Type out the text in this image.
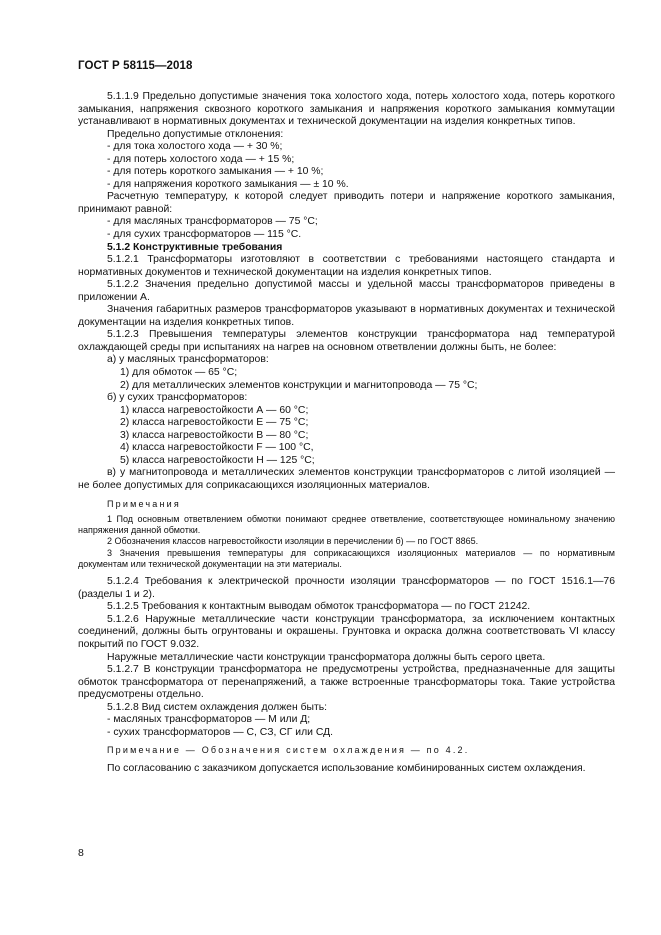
ГОСТ Р 58115—2018

5.1.1.9 Предельно допустимые значения тока холостого хода, потерь холостого хода, потерь короткого замыкания, напряжения сквозного короткого замыкания и напряжения короткого замыкания коммутации устанавливают в нормативных документах и технической документации на изделия конкретных типов.

Предельно допустимые отклонения:

- для тока холостого хода — + 30 %;

- для потерь холостого хода — + 15 %;

- для потерь короткого замыкания — + 10 %;

- для напряжения короткого замыкания — ± 10 %.

Расчетную температуру, к которой следует приводить потери и напряжение короткого замыкания, принимают равной:

- для масляных трансформаторов — 75 °С;

- для сухих трансформаторов — 115 °С.

5.1.2 Конструктивные требования

5.1.2.1 Трансформаторы изготовляют в соответствии с требованиями настоящего стандарта и нормативных документов и технической документации на изделия конкретных типов.

5.1.2.2 Значения предельно допустимой массы и удельной массы трансформаторов приведены в приложении А.

Значения габаритных размеров трансформаторов указывают в нормативных документах и технической документации на изделия конкретных типов.

5.1.2.3 Превышения температуры элементов конструкции трансформатора над температурой охлаждающей среды при испытаниях на нагрев на основном ответвлении должны быть, не более:

а) у масляных трансформаторов:

1) для обмоток — 65 °С;

2) для металлических элементов конструкции и магнитопровода — 75 °С;

б) у сухих трансформаторов:

1) класса нагревостойкости А — 60 °С;

2) класса нагревостойкости Е — 75 °С;

3) класса нагревостойкости В — 80 °С;

4) класса нагревостойкости F — 100 °С,

5) класса нагревостойкости Н — 125 °С;

в) у магнитопровода и металлических элементов конструкции трансформаторов с литой изоляцией — не более допустимых для соприкасающихся изоляционных материалов.

Примечания

1 Под основным ответвлением обмотки понимают среднее ответвление, соответствующее номинальному значению напряжения данной обмотки.

2 Обозначения классов нагревостойкости изоляции в перечислении б) — по ГОСТ 8865.

3 Значения превышения температуры для соприкасающихся изоляционных материалов — по нормативным документам или технической документации на эти материалы.

5.1.2.4 Требования к электрической прочности изоляции трансформаторов — по ГОСТ 1516.1—76 (разделы 1 и 2).

5.1.2.5 Требования к контактным выводам обмоток трансформатора — по ГОСТ 21242.

5.1.2.6 Наружные металлические части конструкции трансформатора, за исключением контактных соединений, должны быть огрунтованы и окрашены. Грунтовка и окраска должна соответствовать VI классу покрытий по ГОСТ 9.032.

Наружные металлические части конструкции трансформатора должны быть серого цвета.

5.1.2.7 В конструкции трансформатора не предусмотрены устройства, предназначенные для защиты обмоток трансформатора от перенапряжений, а также встроенные трансформаторы тока. Такие устройства предусмотрены отдельно.

5.1.2.8 Вид систем охлаждения должен быть:

- масляных трансформаторов — М или Д;

- сухих трансформаторов — С, СЗ, СГ или СД.

Примечание — Обозначения систем охлаждения — по 4.2.

По согласованию с заказчиком допускается использование комбинированных систем охлаждения.

8
